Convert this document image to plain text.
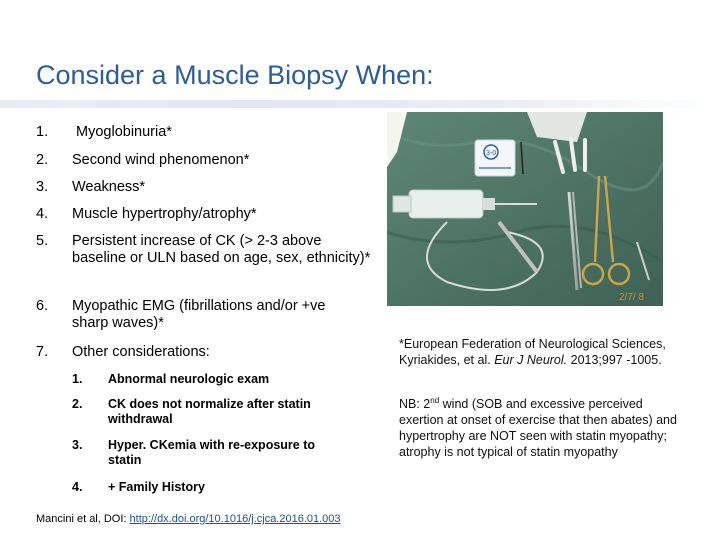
Consider a Muscle Biopsy When:
1.	Myoglobinuria*
2.	Second wind phenomenon*
3.	Weakness*
4.	Muscle hypertrophy/atrophy*
5.	Persistent increase of CK (> 2-3 above baseline or ULN based on age, sex, ethnicity)*
6.	Myopathic EMG (fibrillations and/or +ve sharp waves)*
7.	Other considerations:
1.	Abnormal neurologic exam
2.	CK does not normalize after statin withdrawal
3.	Hyper. CKemia with re-exposure to statin
4.	+ Family History
Mancini et al, DOI: http://dx.doi.org/10.1016/j.cjca.2016.01.003
3-0
2/7/ 8
*European Federation of Neurological Sciences, Kyriakides, et al. Eur J Neurol. 2013;997 -1005.
NB: 2nd wind (SOB and excessive perceived exertion at onset of exercise that then abates) and hypertrophy are NOT seen with statin myopathy; atrophy is not typical of statin myopathy
